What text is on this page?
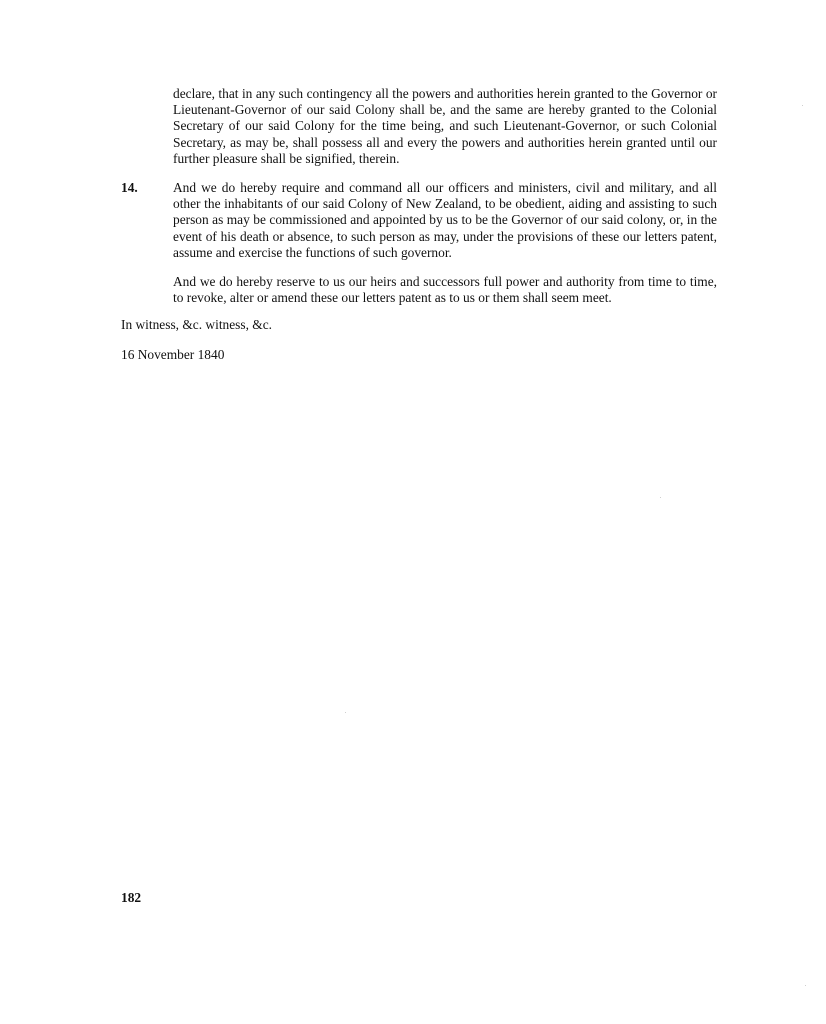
declare, that in any such contingency all the powers and authorities herein granted to the Governor or Lieutenant-Governor of our said Colony shall be, and the same are hereby granted to the Colonial Secretary of our said Colony for the time being, and such Lieutenant-Governor, or such Colonial Secretary, as may be, shall possess all and every the powers and authorities herein granted until our further pleasure shall be signified, therein.

14.	And we do hereby require and command all our officers and ministers, civil and military, and all other the inhabitants of our said Colony of New Zealand, to be obedient, aiding and assisting to such person as may be commissioned and appointed by us to be the Governor of our said colony, or, in the event of his death or absence, to such person as may, under the provisions of these our letters patent, assume and exercise the functions of such governor.

And we do hereby reserve to us our heirs and successors full power and authority from time to time, to revoke, alter or amend these our letters patent as to us or them shall seem meet.

In witness, &c. witness, &c.

16 November 1840

182
